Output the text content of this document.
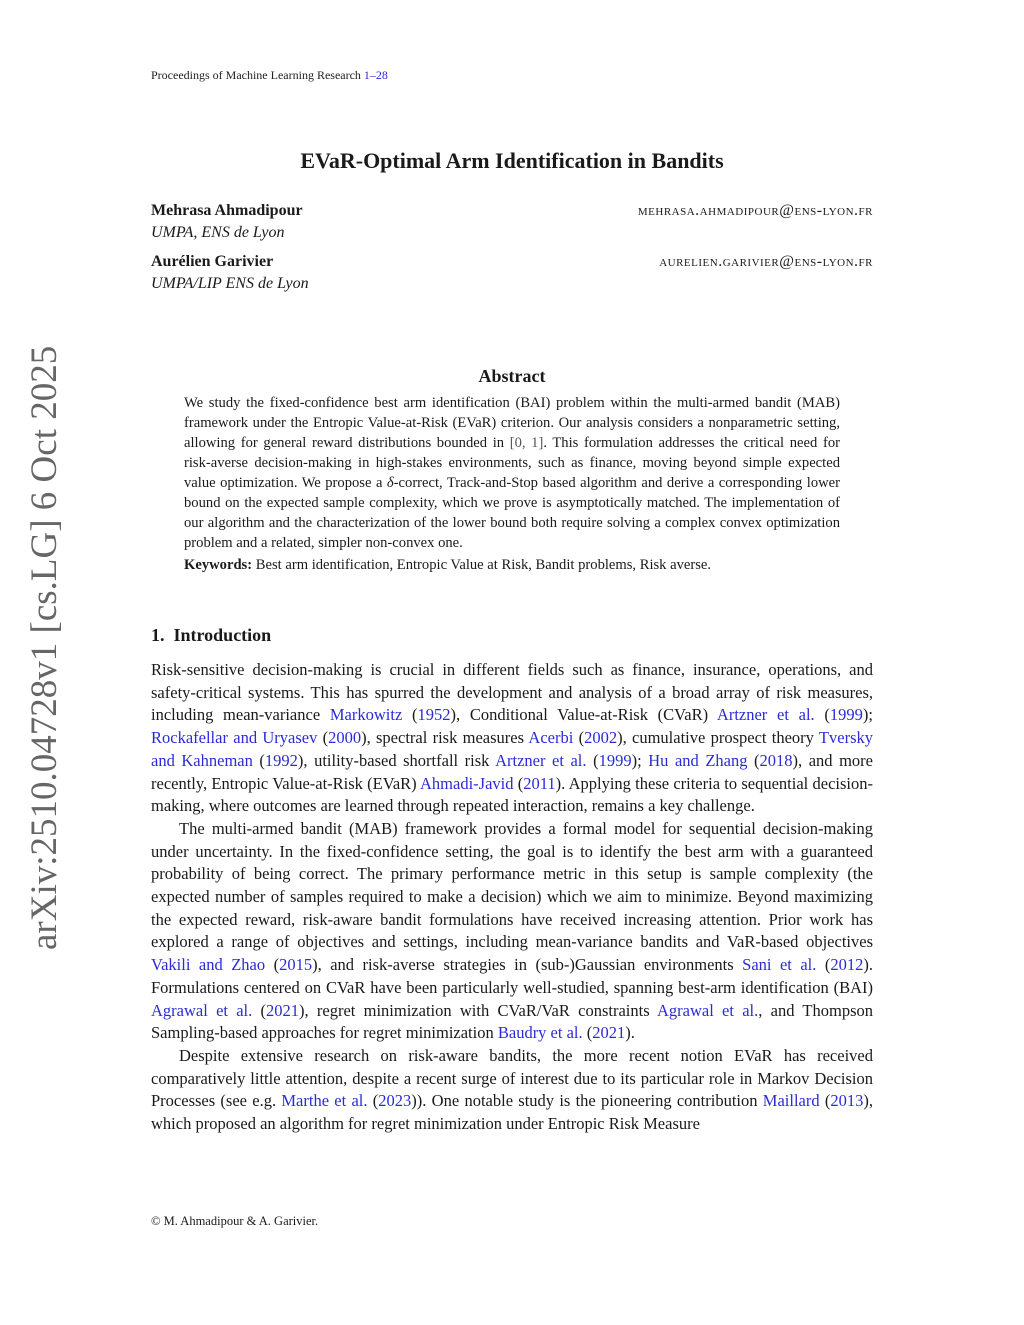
Proceedings of Machine Learning Research 1–28
arXiv:2510.04728v1 [cs.LG] 6 Oct 2025
EVaR-Optimal Arm Identification in Bandits
Mehrasa Ahmadipour	mehrasa.ahmadipour@ens-lyon.fr
UMPA, ENS de Lyon
Aurélien Garivier	aurelien.garivier@ens-lyon.fr
UMPA/LIP ENS de Lyon
Abstract

We study the fixed-confidence best arm identification (BAI) problem within the multi-armed bandit (MAB) framework under the Entropic Value-at-Risk (EVaR) criterion. Our analysis considers a nonparametric setting, allowing for general reward distributions bounded in [0, 1]. This formulation addresses the critical need for risk-averse decision-making in high-stakes environments, such as finance, moving beyond simple expected value optimization. We propose a δ-correct, Track-and-Stop based algorithm and derive a corresponding lower bound on the expected sample complexity, which we prove is asymptotically matched. The implementation of our algorithm and the characterization of the lower bound both require solving a complex convex optimization problem and a related, simpler non-convex one.

Keywords: Best arm identification, Entropic Value at Risk, Bandit problems, Risk averse.

1. Introduction

Risk-sensitive decision-making is crucial in different fields such as finance, insurance, operations, and safety-critical systems. This has spurred the development and analysis of a broad array of risk measures, including mean-variance Markowitz (1952), Conditional Value-at-Risk (CVaR) Artzner et al. (1999); Rockafellar and Uryasev (2000), spectral risk measures Acerbi (2002), cumulative prospect theory Tversky and Kahneman (1992), utility-based shortfall risk Artzner et al. (1999); Hu and Zhang (2018), and more recently, Entropic Value-at-Risk (EVaR) Ahmadi-Javid (2011). Applying these criteria to sequential decision-making, where outcomes are learned through repeated interaction, remains a key challenge.

The multi-armed bandit (MAB) framework provides a formal model for sequential decision-making under uncertainty. In the fixed-confidence setting, the goal is to identify the best arm with a guaranteed probability of being correct. The primary performance metric in this setup is sample complexity (the expected number of samples required to make a decision) which we aim to minimize. Beyond maximizing the expected reward, risk-aware bandit formulations have received increasing attention. Prior work has explored a range of objectives and settings, including mean-variance bandits and VaR-based objectives Vakili and Zhao (2015), and risk-averse strategies in (sub-)Gaussian environments Sani et al. (2012). Formulations centered on CVaR have been particularly well-studied, spanning best-arm identification (BAI) Agrawal et al. (2021), regret minimization with CVaR/VaR constraints Agrawal et al., and Thompson Sampling-based approaches for regret minimization Baudry et al. (2021).

Despite extensive research on risk-aware bandits, the more recent notion EVaR has received comparatively little attention, despite a recent surge of interest due to its particular role in Markov Decision Processes (see e.g. Marthe et al. (2023)). One notable study is the pioneering contribution Maillard (2013), which proposed an algorithm for regret minimization under Entropic Risk Measure

© M. Ahmadipour & A. Garivier.
